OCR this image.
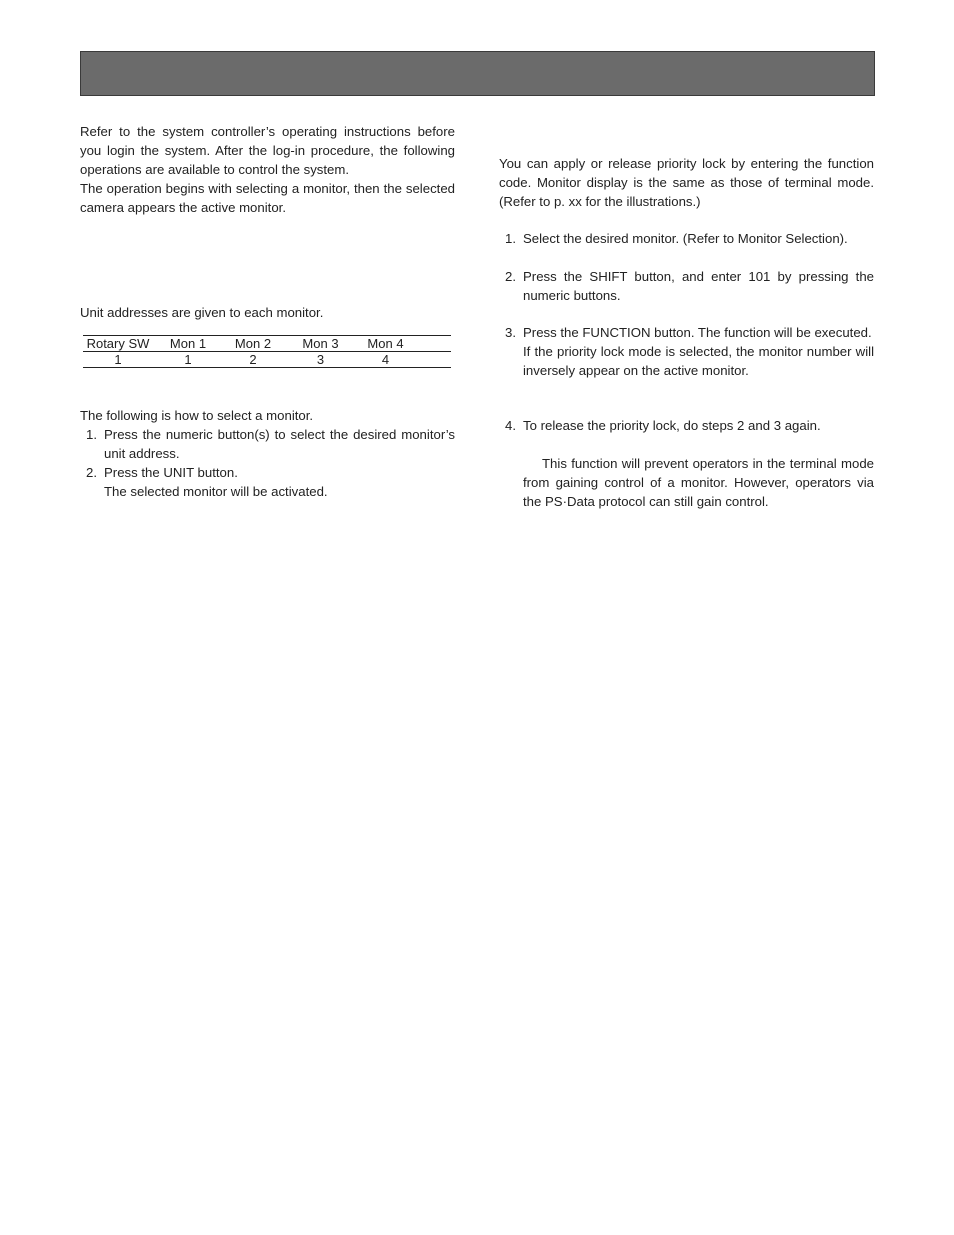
Refer to the system controller’s operating instructions before you login the system. After the log-in procedure, the following operations are available to control the system.

The operation begins with selecting a monitor, then the selected camera appears the active monitor.

Unit addresses are given to each monitor.
Rotary SW	Mon 1	Mon 2	Mon 3	Mon 4	
1	1	2	3	4	

The following is how to select a monitor.

1. Press the numeric button(s) to select the desired monitor’s unit address.

2. Press the UNIT button.

The selected monitor will be activated.

You can apply or release priority lock by entering the function code. Monitor display is the same as those of terminal mode. (Refer to p. xx for the illustrations.)
1. Select the desired monitor. (Refer to Monitor Selection).

2. Press the SHIFT button, and enter 101 by pressing the numeric buttons.

3. Press the FUNCTION button. The function will be executed.

If the priority lock mode is selected, the monitor number will inversely appear on the active monitor.

4. To release the priority lock, do steps 2 and 3 again.

This function will prevent operators in the terminal mode from gaining control of a monitor. However, operators via the PS·Data protocol can still gain control.
